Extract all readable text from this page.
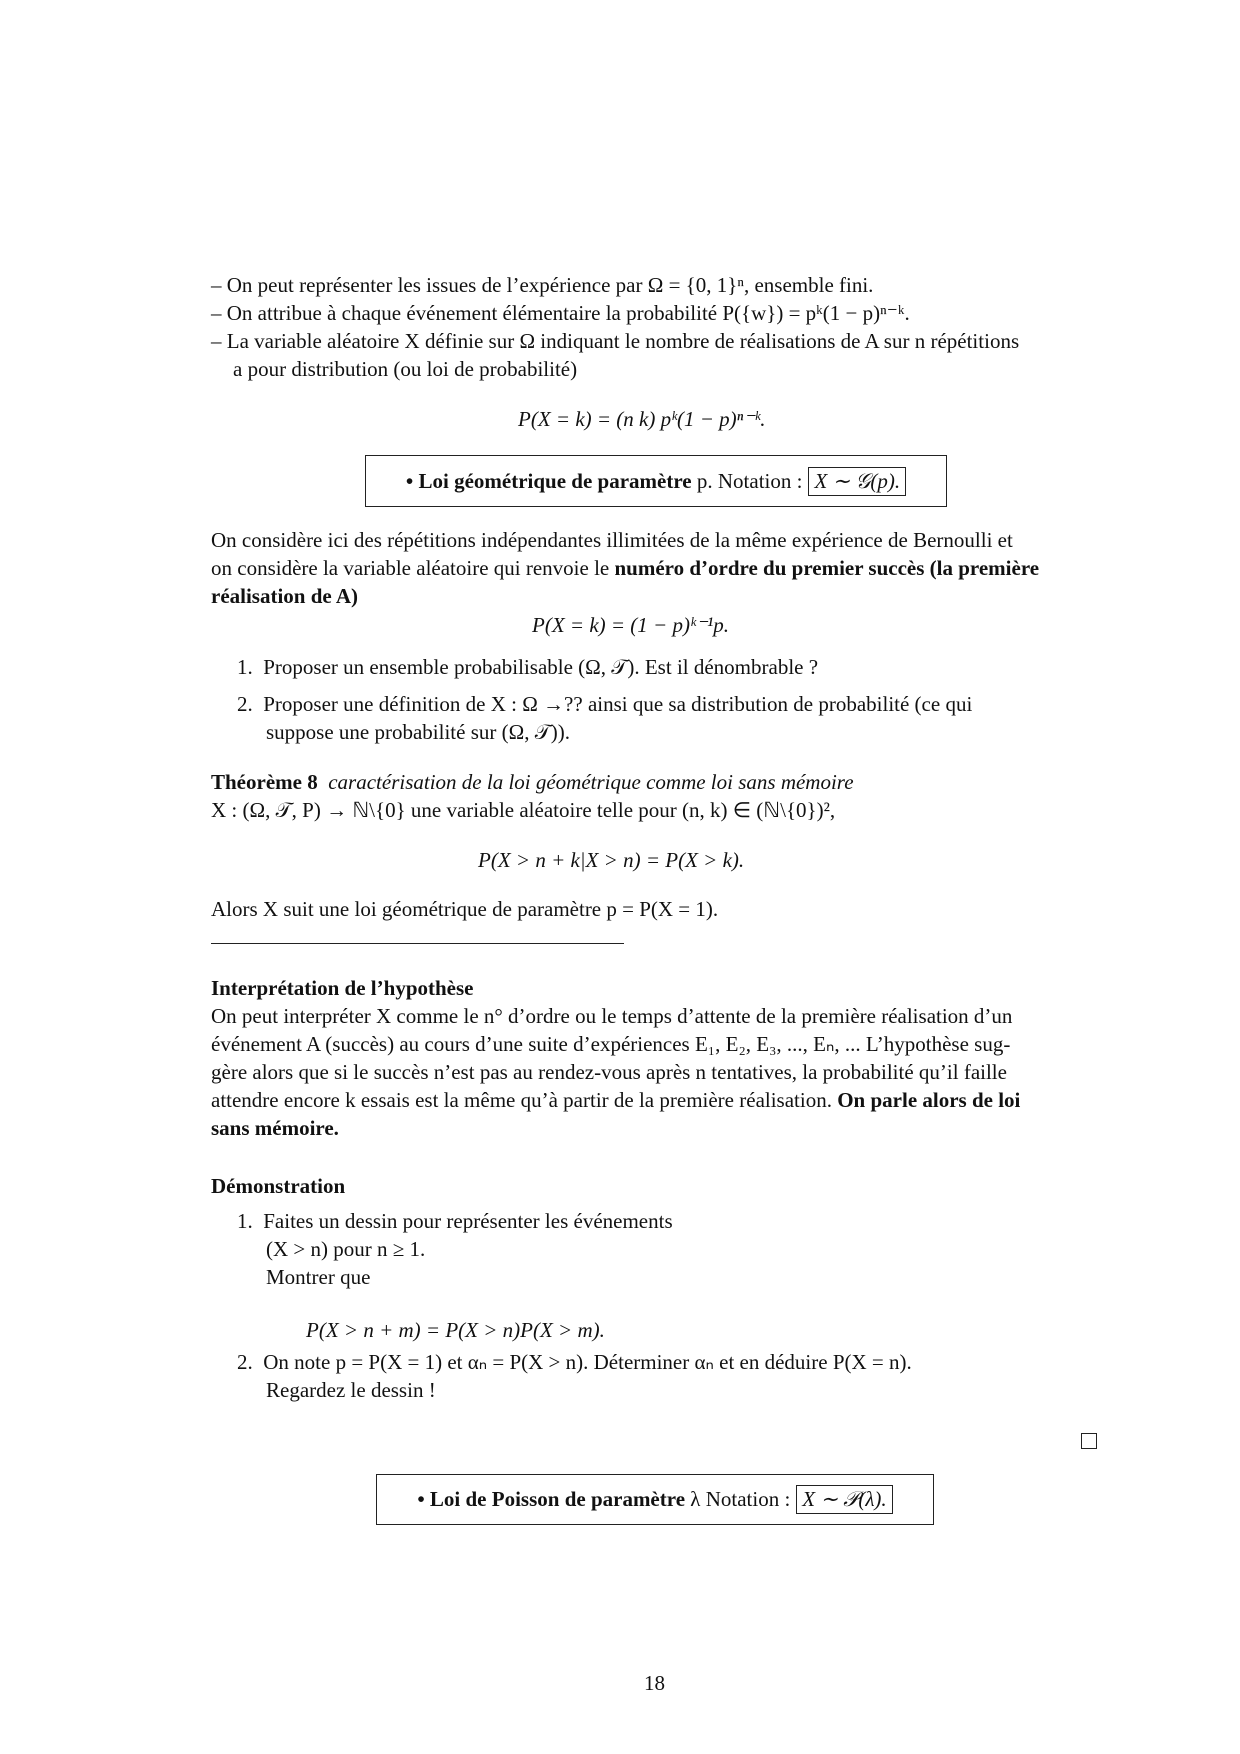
– On peut représenter les issues de l’expérience par Ω = {0, 1}ⁿ, ensemble fini.
– On attribue à chaque événement élémentaire la probabilité P({w}) = pᵏ(1 − p)ⁿ⁻ᵏ.
– La variable aléatoire X définie sur Ω indiquant le nombre de réalisations de A sur n répétitions
a pour distribution (ou loi de probabilité)
P(X = k) = (n k) pᵏ(1 − p)ⁿ⁻ᵏ.
• Loi géométrique de paramètre
p. Notation : X ∼ 𝒢(p).
On considère ici des répétitions indépendantes illimitées de la même expérience de Bernoulli et
on considère la variable aléatoire qui renvoie le numéro d’ordre du premier succès (la première
réalisation de A)
P(X = k) = (1 − p)ᵏ⁻¹p.
1. Proposer un ensemble probabilisable (Ω, 𝒯). Est il dénombrable ?
2. Proposer une définition de X : Ω →?? ainsi que sa distribution de probabilité (ce qui
suppose une probabilité sur (Ω, 𝒯)).
Théorème 8 caractérisation de la loi géométrique comme loi sans mémoire
X : (Ω, 𝒯, P) → ℕ\{0} une variable aléatoire telle pour (n, k) ∈ (ℕ\{0})²,
P(X > n + k|X > n) = P(X > k).
Alors X suit une loi géométrique de paramètre p = P(X = 1).
Interprétation de l’hypothèse
On peut interpréter X comme le n° d’ordre ou le temps d’attente de la première réalisation d’un
événement A (succès) au cours d’une suite d’expériences E₁, E₂, E₃, ..., Eₙ, ... L’hypothèse sug-
gère alors que si le succès n’est pas au rendez-vous après n tentatives, la probabilité qu’il faille
attendre encore k essais est la même qu’à partir de la première réalisation. On parle alors de loi
sans mémoire.
Démonstration
1. Faites un dessin pour représenter les événements
(X > n) pour n ≥ 1.
Montrer que
P(X > n + m) = P(X > n)P(X > m).
2. On note p = P(X = 1) et αₙ = P(X > n). Déterminer αₙ et en déduire P(X = n).
Regardez le dessin !
• Loi de Poisson de paramètre
λ Notation : X ∼ 𝒫(λ).
18
